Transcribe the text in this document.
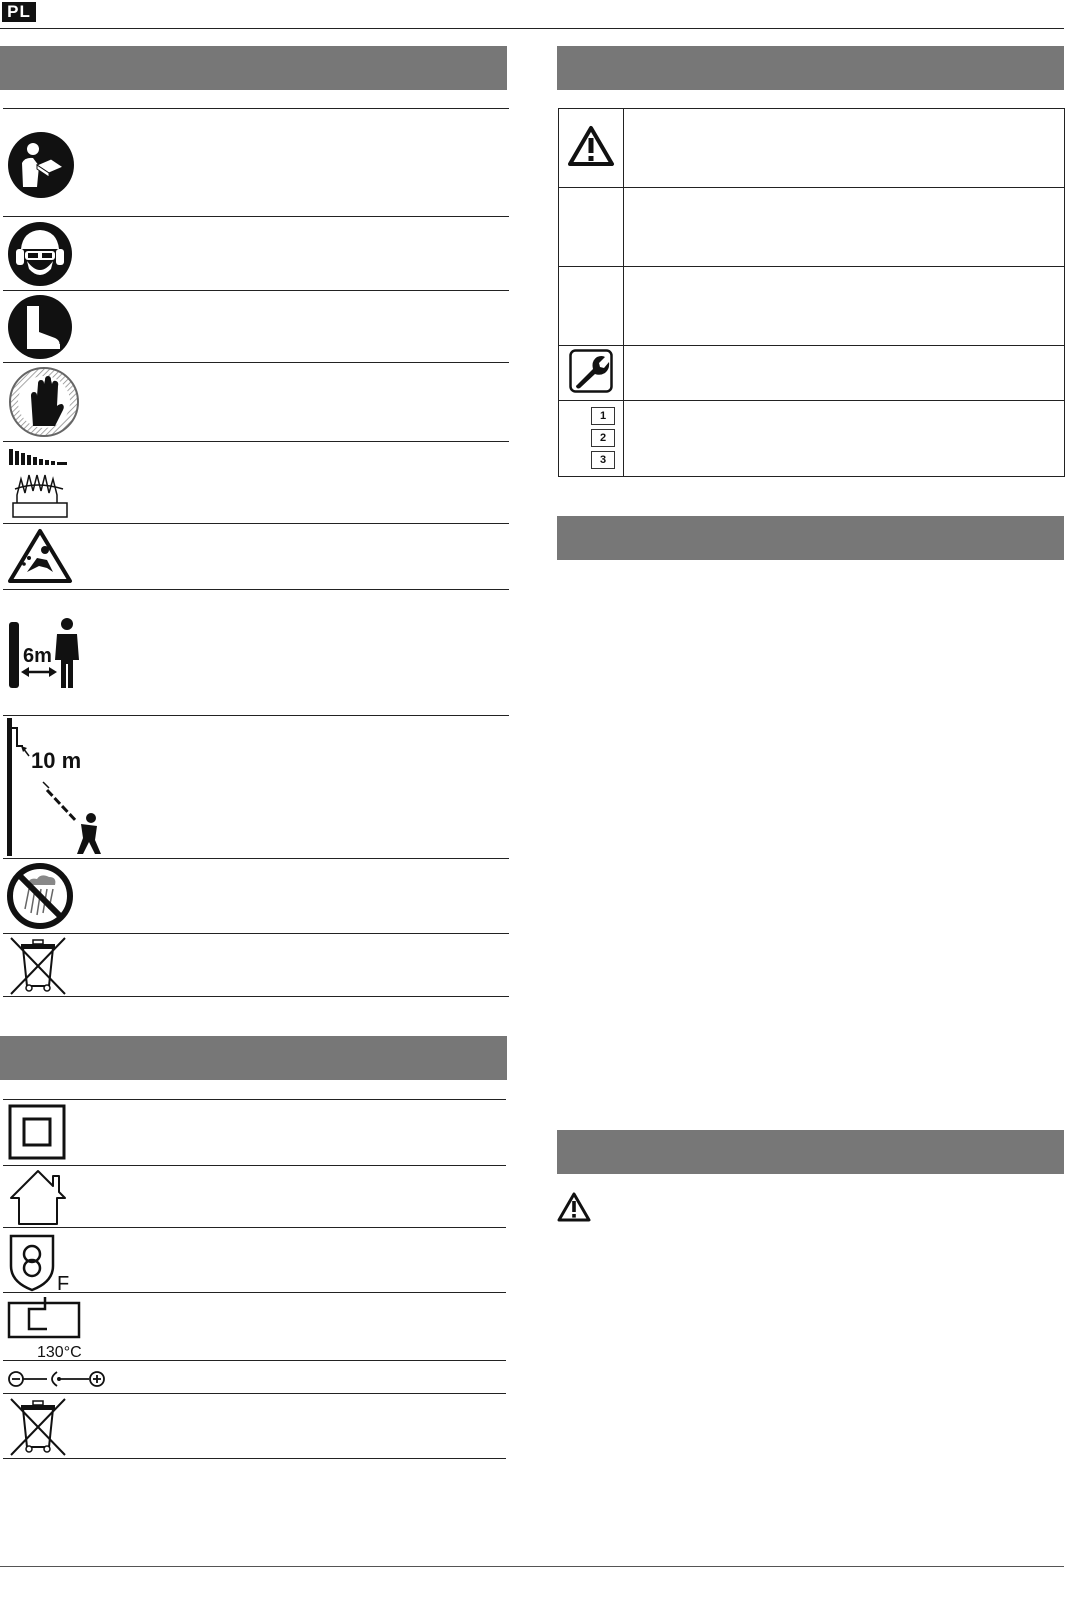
PL
6m
10 m
F
130°C

1
2
3	
